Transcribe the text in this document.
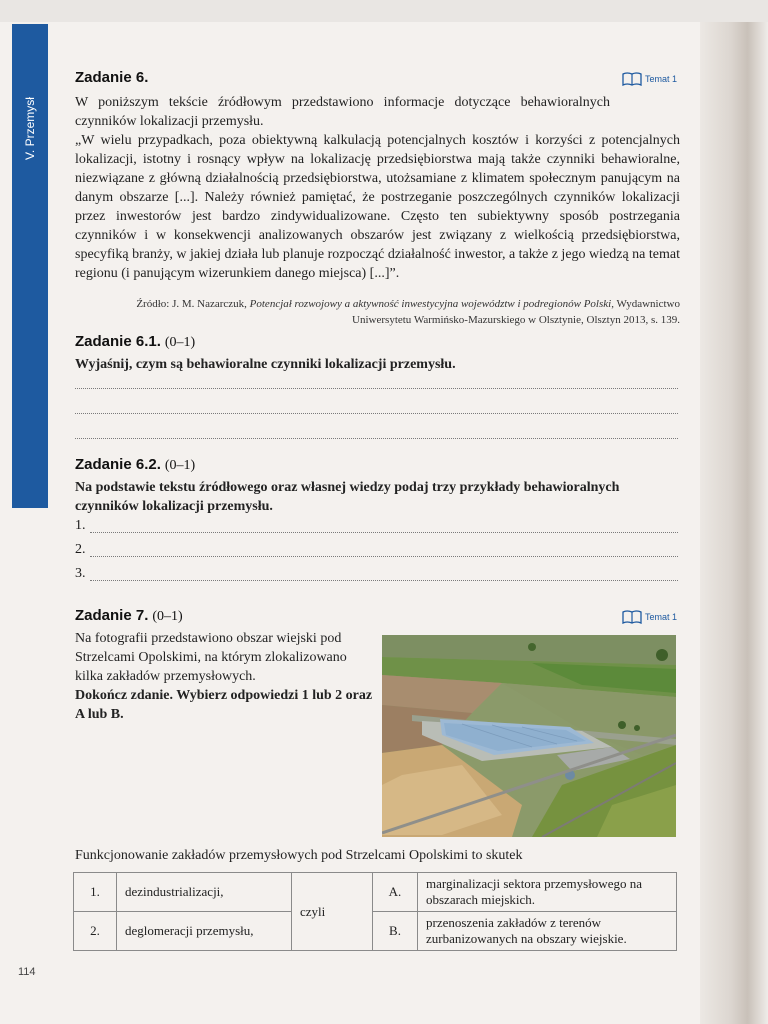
V. Przemysł
Zadanie 6.	Temat 1
W poniższym tekście źródłowym przedstawiono informacje dotyczące behawioralnych czynników lokalizacji przemysłu.
„W wielu przypadkach, poza obiektywną kalkulacją potencjalnych kosztów i korzyści z potencjalnych lokalizacji, istotny i rosnący wpływ na lokalizację przedsiębiorstwa mają także czynniki behawioralne, niezwiązane z główną działalnością przedsiębiorstwa, utożsamiane z klimatem społecznym panującym na danym obszarze [...]. Należy również pamiętać, że postrzeganie poszczególnych czynników lokalizacji przez inwestorów jest bardzo zindywidualizowane. Często ten subiektywny sposób postrzegania czynników i w konsekwencji analizowanych obszarów jest związany z wielkością przedsiębiorstwa, specyfiką branży, w jakiej działa lub planuje rozpocząć działalność inwestor, a także z jego wiedzą na temat regionu (i panującym wizerunkiem danego miejsca) [...]”.
Źródło: J. M. Nazarczuk, Potencjał rozwojowy a aktywność inwestycyjna województw i podregionów Polski, Wydawnictwo
Uniwersytetu Warmińsko-Mazurskiego w Olsztynie, Olsztyn 2013, s. 139.
Zadanie 6.1. (0–1)
Wyjaśnij, czym są behawioralne czynniki lokalizacji przemysłu.
Zadanie 6.2. (0–1)
Na podstawie tekstu źródłowego oraz własnej wiedzy podaj trzy przykłady behawioralnych czynników lokalizacji przemysłu.
1.
2.
3.
Zadanie 7. (0–1)	Temat 1
Na fotografii przedstawiono obszar wiejski pod Strzelcami Opolskimi, na którym zlokalizowano kilka zakładów przemysłowych.
Dokończ zdanie. Wybierz odpowiedzi 1 lub 2 oraz A lub B.
Funkcjonowanie zakładów przemysłowych pod Strzelcami Opolskimi to skutek
1.	dezindustrializacji,	czyli	A.	marginalizacji sektora przemysłowego na obszarach miejskich.
2.	deglomeracji przemysłu,		B.	przenoszenia zakładów z terenów zurbanizowanych na obszary wiejskie.
114
